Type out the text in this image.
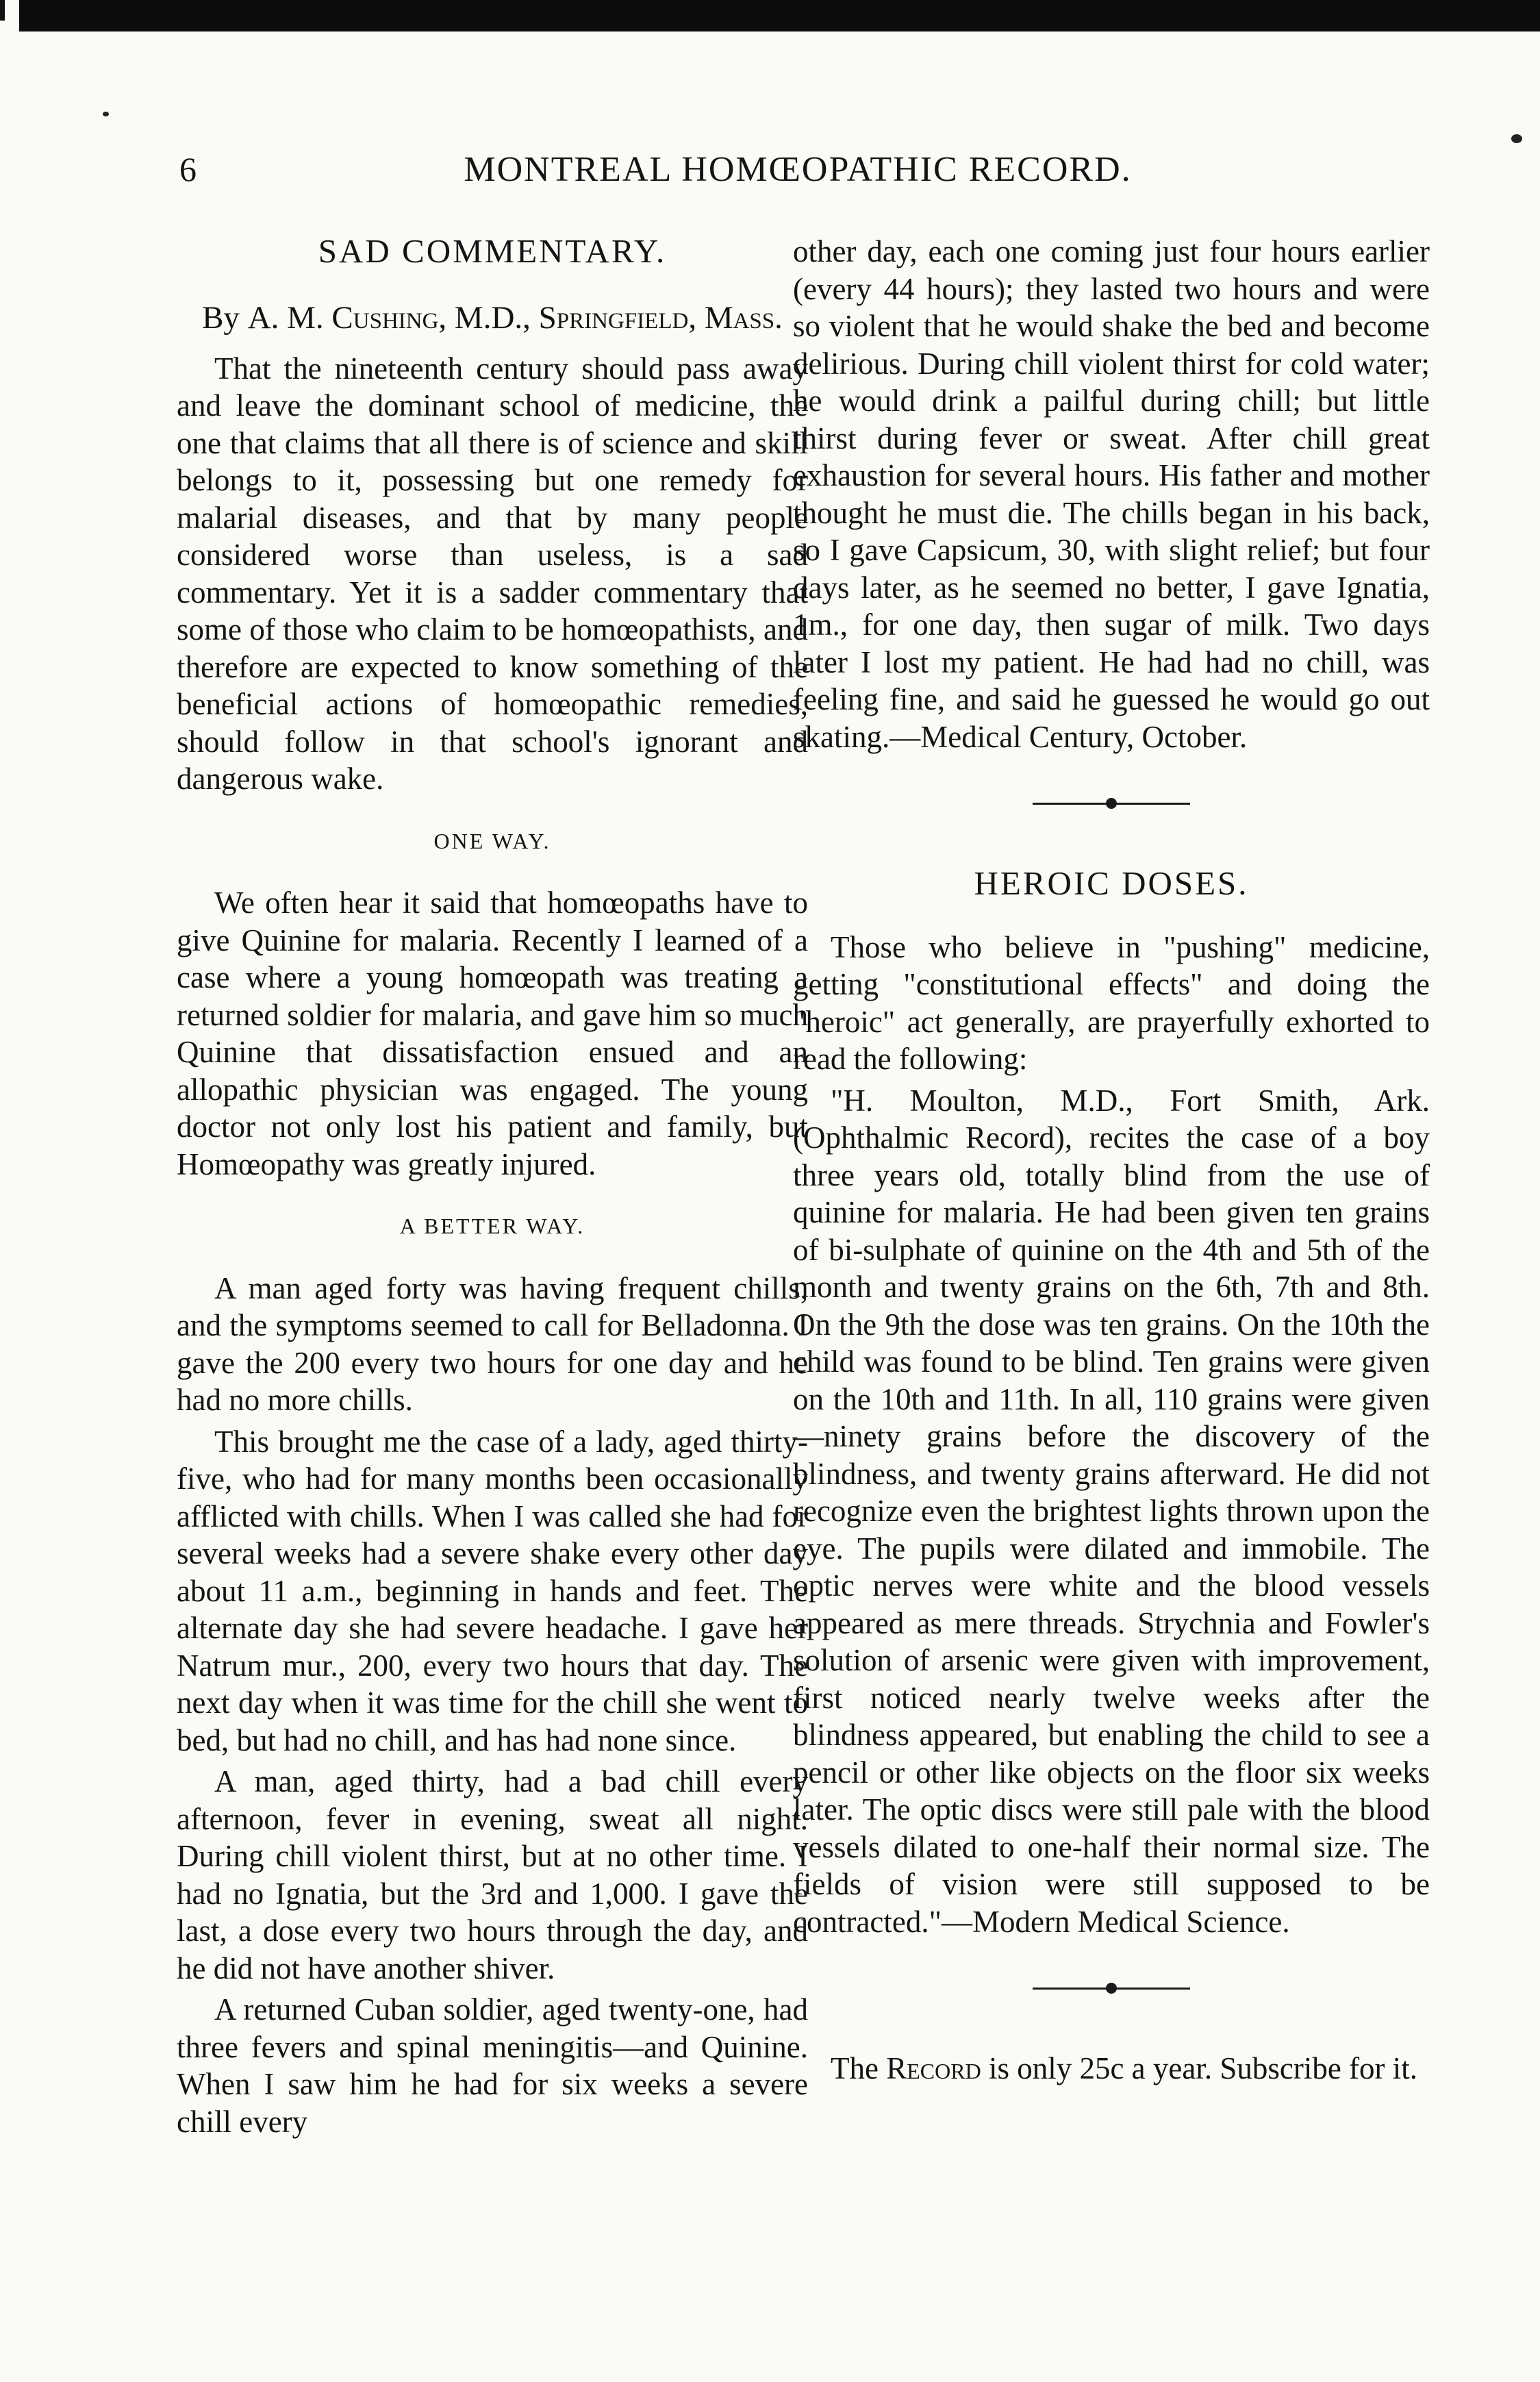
6	MONTREAL HOMŒOPATHIC RECORD.
SAD COMMENTARY.
By A. M. Cushing, M.D., Springfield, Mass.

That the nineteenth century should pass away and leave the dominant school of medicine, the one that claims that all there is of science and skill belongs to it, possessing but one remedy for malarial diseases, and that by many people considered worse than useless, is a sad commentary. Yet it is a sadder commentary that some of those who claim to be homœopathists, and therefore are expected to know something of the beneficial actions of homœopathic remedies, should follow in that school's ignorant and dangerous wake.

ONE WAY.

We often hear it said that homœopaths have to give Quinine for malaria. Recently I learned of a case where a young homœopath was treating a returned soldier for malaria, and gave him so much Quinine that dissatisfaction ensued and an allopathic physician was engaged. The young doctor not only lost his patient and family, but Homœopathy was greatly injured.

A BETTER WAY.

A man aged forty was having frequent chills, and the symptoms seemed to call for Belladonna. I gave the 200 every two hours for one day and he had no more chills.

This brought me the case of a lady, aged thirty-five, who had for many months been occasionally afflicted with chills. When I was called she had for several weeks had a severe shake every other day about 11 a.m., beginning in hands and feet. The alternate day she had severe headache. I gave her Natrum mur., 200, every two hours that day. The next day when it was time for the chill she went to bed, but had no chill, and has had none since.

A man, aged thirty, had a bad chill every afternoon, fever in evening, sweat all night. During chill violent thirst, but at no other time. I had no Ignatia, but the 3rd and 1,000. I gave the last, a dose every two hours through the day, and he did not have another shiver.

A returned Cuban soldier, aged twenty-one, had three fevers and spinal meningitis—and Quinine. When I saw him he had for six weeks a severe chill every

other day, each one coming just four hours earlier (every 44 hours); they lasted two hours and were so violent that he would shake the bed and become delirious. During chill violent thirst for cold water; he would drink a pailful during chill; but little thirst during fever or sweat. After chill great exhaustion for several hours. His father and mother thought he must die. The chills began in his back, so I gave Capsicum, 30, with slight relief; but four days later, as he seemed no better, I gave Ignatia, 1m., for one day, then sugar of milk. Two days later I lost my patient. He had had no chill, was feeling fine, and said he guessed he would go out skating.—Medical Century, October.

HEROIC DOSES.

Those who believe in "pushing" medicine, getting "constitutional effects" and doing the "heroic" act generally, are prayerfully exhorted to read the following:

"H. Moulton, M.D., Fort Smith, Ark. (Ophthalmic Record), recites the case of a boy three years old, totally blind from the use of quinine for malaria. He had been given ten grains of bi-sulphate of quinine on the 4th and 5th of the month and twenty grains on the 6th, 7th and 8th. On the 9th the dose was ten grains. On the 10th the child was found to be blind. Ten grains were given on the 10th and 11th. In all, 110 grains were given—ninety grains before the discovery of the blindness, and twenty grains afterward. He did not recognize even the brightest lights thrown upon the eye. The pupils were dilated and immobile. The optic nerves were white and the blood vessels appeared as mere threads. Strychnia and Fowler's solution of arsenic were given with improvement, first noticed nearly twelve weeks after the blindness appeared, but enabling the child to see a pencil or other like objects on the floor six weeks later. The optic discs were still pale with the blood vessels dilated to one-half their normal size. The fields of vision were still supposed to be contracted."—Modern Medical Science.

The Record is only 25c a year. Subscribe for it.
